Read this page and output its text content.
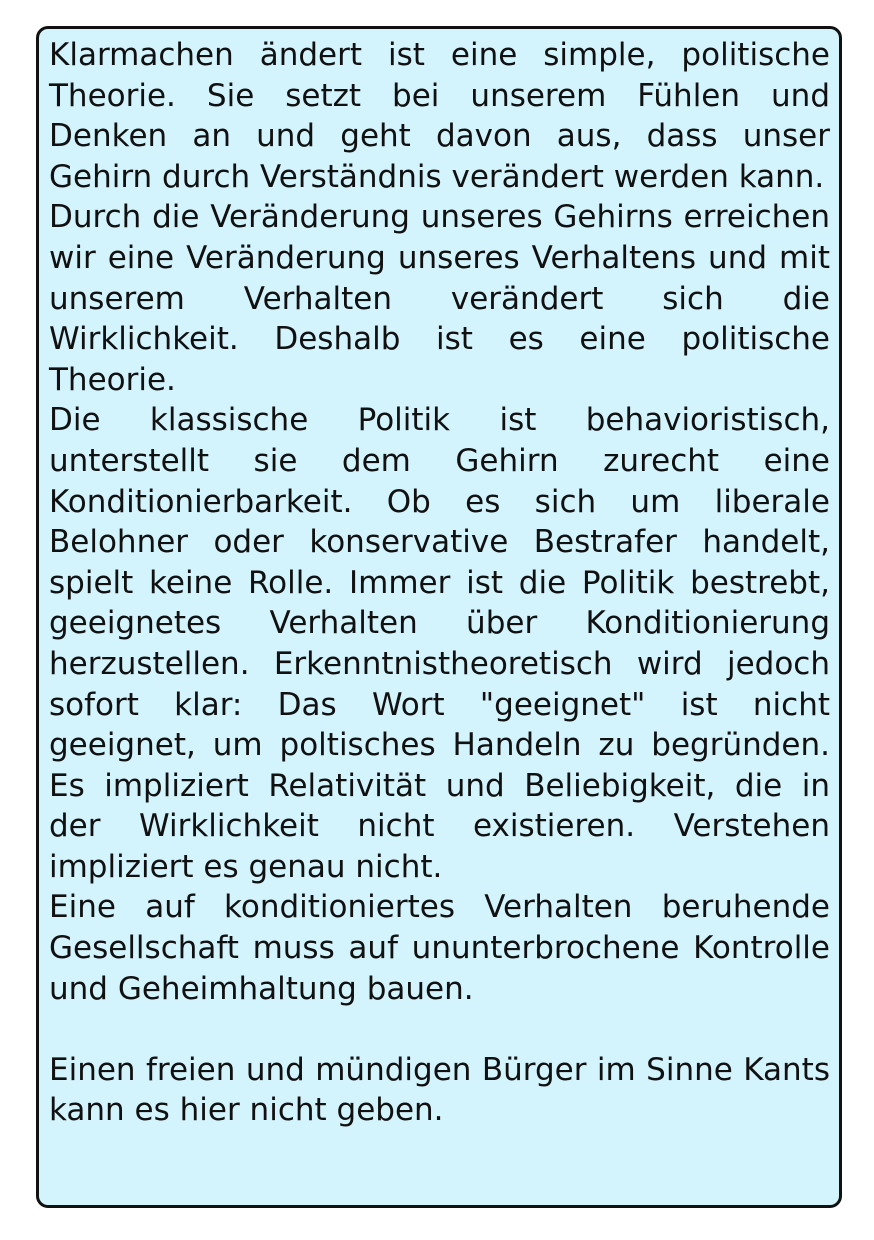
Klarmachen ändert ist eine simple, politische Theorie. Sie setzt bei unserem Fühlen und Denken an und geht davon aus, dass unser Gehirn durch Verständnis verändert werden kann.

Durch die Veränderung unseres Gehirns erreichen wir eine Veränderung unseres Verhaltens und mit unserem Verhalten verändert sich die Wirklichkeit. Deshalb ist es eine politische Theorie.

Die klassische Politik ist behavioristisch, unterstellt sie dem Gehirn zurecht eine Konditionierbarkeit. Ob es sich um liberale Belohner oder konservative Bestrafer handelt, spielt keine Rolle. Immer ist die Politik bestrebt, geeignetes Verhalten über Konditionierung herzustellen. Erkenntnistheoretisch wird jedoch sofort klar: Das Wort "geeignet" ist nicht geeignet, um poltisches Handeln zu begründen. Es impliziert Relativität und Beliebigkeit, die in der Wirklichkeit nicht existieren. Verstehen impliziert es genau nicht.

Eine auf konditioniertes Verhalten beruhende Gesellschaft muss auf ununterbrochene Kontrolle und Geheimhaltung bauen.

Einen freien und mündigen Bürger im Sinne Kants kann es hier nicht geben.
